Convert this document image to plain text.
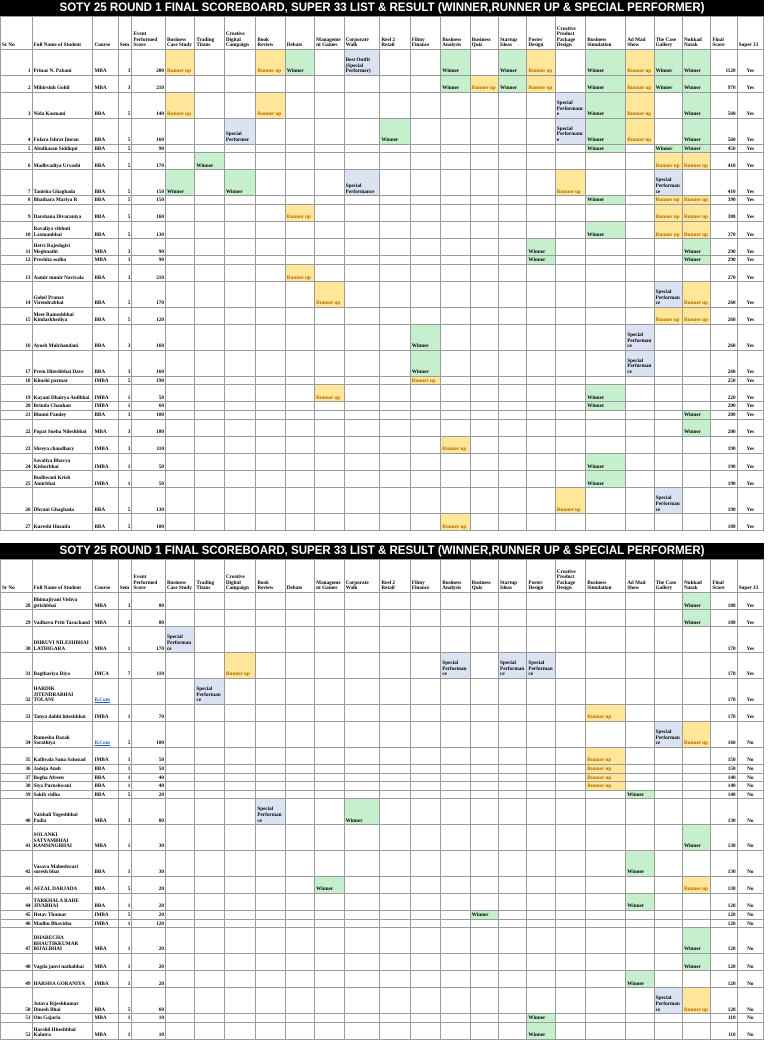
SOTY 25 ROUND 1 FINAL SCOREBOARD, SUPER 33 LIST & RESULT (WINNER,RUNNER UP & SPECIAL PERFORMER)
Sr No	Full Name of Student	Course	Sem	Event Performed Score	Business Case Study	Trading Titans	Creative Digital Campaign	Book Review	Debate	Management Games	Corporate Walk	Reel 2 Retail	Filmy Finance	Business Analysis	Business Quiz	Startup Ideas	Poster Design	Creative Product Package Design	Business Simulation	Ad Mad Show	The Case Gallery	Nukkad Natak	Final Score	Super 33
1	Prinaz N. Pabani	MBA	3	200	Runner up			Runner up	Winner		Best Outfit (Special Performer)			Winner		Winner	Runner up		Winner	Runner up	Winner	Winner	1120	Yes
2	Mihirsinh Gohil	MBA	3	210										Winner	Runner up	Winner	Runner up		Winner	Runner up	Winner	Winner	970	Yes
3	Nida Kasmani	BBA	5	140	Runner up			Runner up										Special Performance	Winner	Runner up		Winner	560	Yes
4	Fulara Ishrat Imran	BBA	5	160			Special Performer					Winner						Special Performance	Winner	Runner up		Winner	560	Yes
5	Abulhasan Siddiqui	BBA	5	90															Winner		Winner	Winner	450	Yes
6	Madhvadiya Urvashi	BBA	5	170		Winner															Runner up	Runner up	410	Yes
7	Tanisha Ghaghada	BBA	5	150	Winner		Winner				Special Performance							Runner up			Special Performance		410	Yes
8	Bhathara Mariya R	BBA	5	150															Winner		Runner up	Runner up	390	Yes
9	Darshana Divaraniya	BBA	5	160					Runner up												Runner up	Runner up	380	Yes
10	Ravaliya vibhuti Laxmanbhai	BBA	5	130															Winner		Runner up	Runner up	370	Yes
11	Hetvi Rajeshgiri Meghnathi	MBA	3	90													Winner					Winner	290	Yes
12	Preshita sodha	MBA	3	90													Winner					Winner	290	Yes
13	Aamir munir Navivala	BBA	3	210					Runner up														270	Yes
14	Gohel Pranav Virendrabhai	BBA	5	170						Runner up											Special Performance	Runner up	260	Yes
15	Meet Rameshbhai Kindarkhediya	BBA	5	120																	Runner up	Runner up	260	Yes
16	Ayush Mulchandani	BBA	3	160									Winner							Special Performance			260	Yes
17	Prem Hiteshbhai Dave	BBA	3	160									Winner							Special Performance			260	Yes
18	Khushi parmar	IMBA	5	190									Runner up										250	Yes
19	Kayani Dhairya Anilbhai	IMBA	1	50						Runner up									Winner				220	Yes
20	Brinda Chauhan	IMBA	1	60															Winner				200	Yes
21	Bhumi Pandey	BBA	3	100																		Winner	200	Yes
22	Popat Sneha Nileshbhai	MBA	3	100																		Winner	200	Yes
23	Shreya chaudhary	IMBA	3	110										Runner up									190	Yes
24	Savaliya Bhavya Kishorbhai	IMBA	1	50															Winner				190	Yes
25	Budhwani Krish Amirbhai	IMBA	1	50															Winner				190	Yes
26	Dhvani Ghaghada	BBA	5	130														Runner up			Special Performance		190	Yes
27	Kureshi Huzaifa	BBA	5	100										Runner up									180	Yes
SOTY 25 ROUND 1 FINAL SCOREBOARD, SUPER 33 LIST & RESULT (WINNER,RUNNER UP & SPECIAL PERFORMER)
Sr No	Full Name of Student	Course	Sem	Event Performed Score	Business Case Study	Trading Titans	Creative Digital Campaign	Book Review	Debate	Management Games	Corporate Walk	Reel 2 Retail	Filmy Finance	Business Analysis	Business Quiz	Startup Ideas	Poster Design	Creative Product Package Design	Business Simulation	Ad Mad Show	The Case Gallery	Nukkad Natak	Final Score	Super 33
28	Bhimajiyani Vishva girishbhai	MBA	3	80																		Winner	180	Yes
29	Vadhavu Priti Tarachand	MBA	3	80																		Winner	180	Yes
30	DHRUVI NILESHBHAI LATHIGARA	MBA	1	170	Special Performance																		170	Yes
31	Bagthariya Riya	IMCA	7	110			Runner up							Special Performance		Special Performance	Special Performance						170	Yes
32	HARDIK JITENDRABHAI TOLANI	B.Com				Special Performance																	170	Yes
33	Tanya dabhi hiteshbhai	IMBA	1	70															Runner up				170	Yes
34	Rumesha Razak Sorathiya	B.Com	5	100																	Special Performance	Runner up	160	No
35	Kalhvala Sana Sahezad	IMBA	1	50															Runner up				150	No
36	Jadeja Ansh	BBA	1	50															Runner up				150	No
37	Bogha Afreen	BBA	1	40															Runner up				140	No
38	Siya Purushwani	BBA	1	40															Runner up				140	No
39	Sakib vidha	BBA	5	20																Winner			140	No
40	Vaishali Yogeshbhai Padia	MBA	3	80				Special Performance			Winner												130	No
41	SOLANKI SATYAMBHAI RAMSINGBHAI	MBA	1	30																		Winner	130	No
42	Vasava Maheshwari suresh bhai	BBA	1	30																Winner			130	No
43	AFZAL DARJADA	BBA	5	20						Winner												Runner up	130	No
44	TARKHALA RADE JIVABHAI	BBA	1	20																Winner			120	No
45	Hetav Thumar	IMBA	5	20											Winner								120	No
46	Madhu Bhavisha	IMBA	1	120																			120	No
47	DHARECHA BHAUTIKKUMAR BIJALBHAI	MBA	1	20																		Winner	120	No
48	Vagda janvi nathabhai	MBA	1	20																		Winner	120	No
49	HARSHA GORANIYA	IMBA	1	20																Winner			120	No
50	Jotava Rijeshkumar Dinesh Bhai	BBA	5	60																	Special Performance	Runner up	120	No
51	Om Gajaria	MBA	1	10													Winner						110	No
52	Harshil Hiteshbhai Kalotra	MBA	1	10													Winner						110	No
